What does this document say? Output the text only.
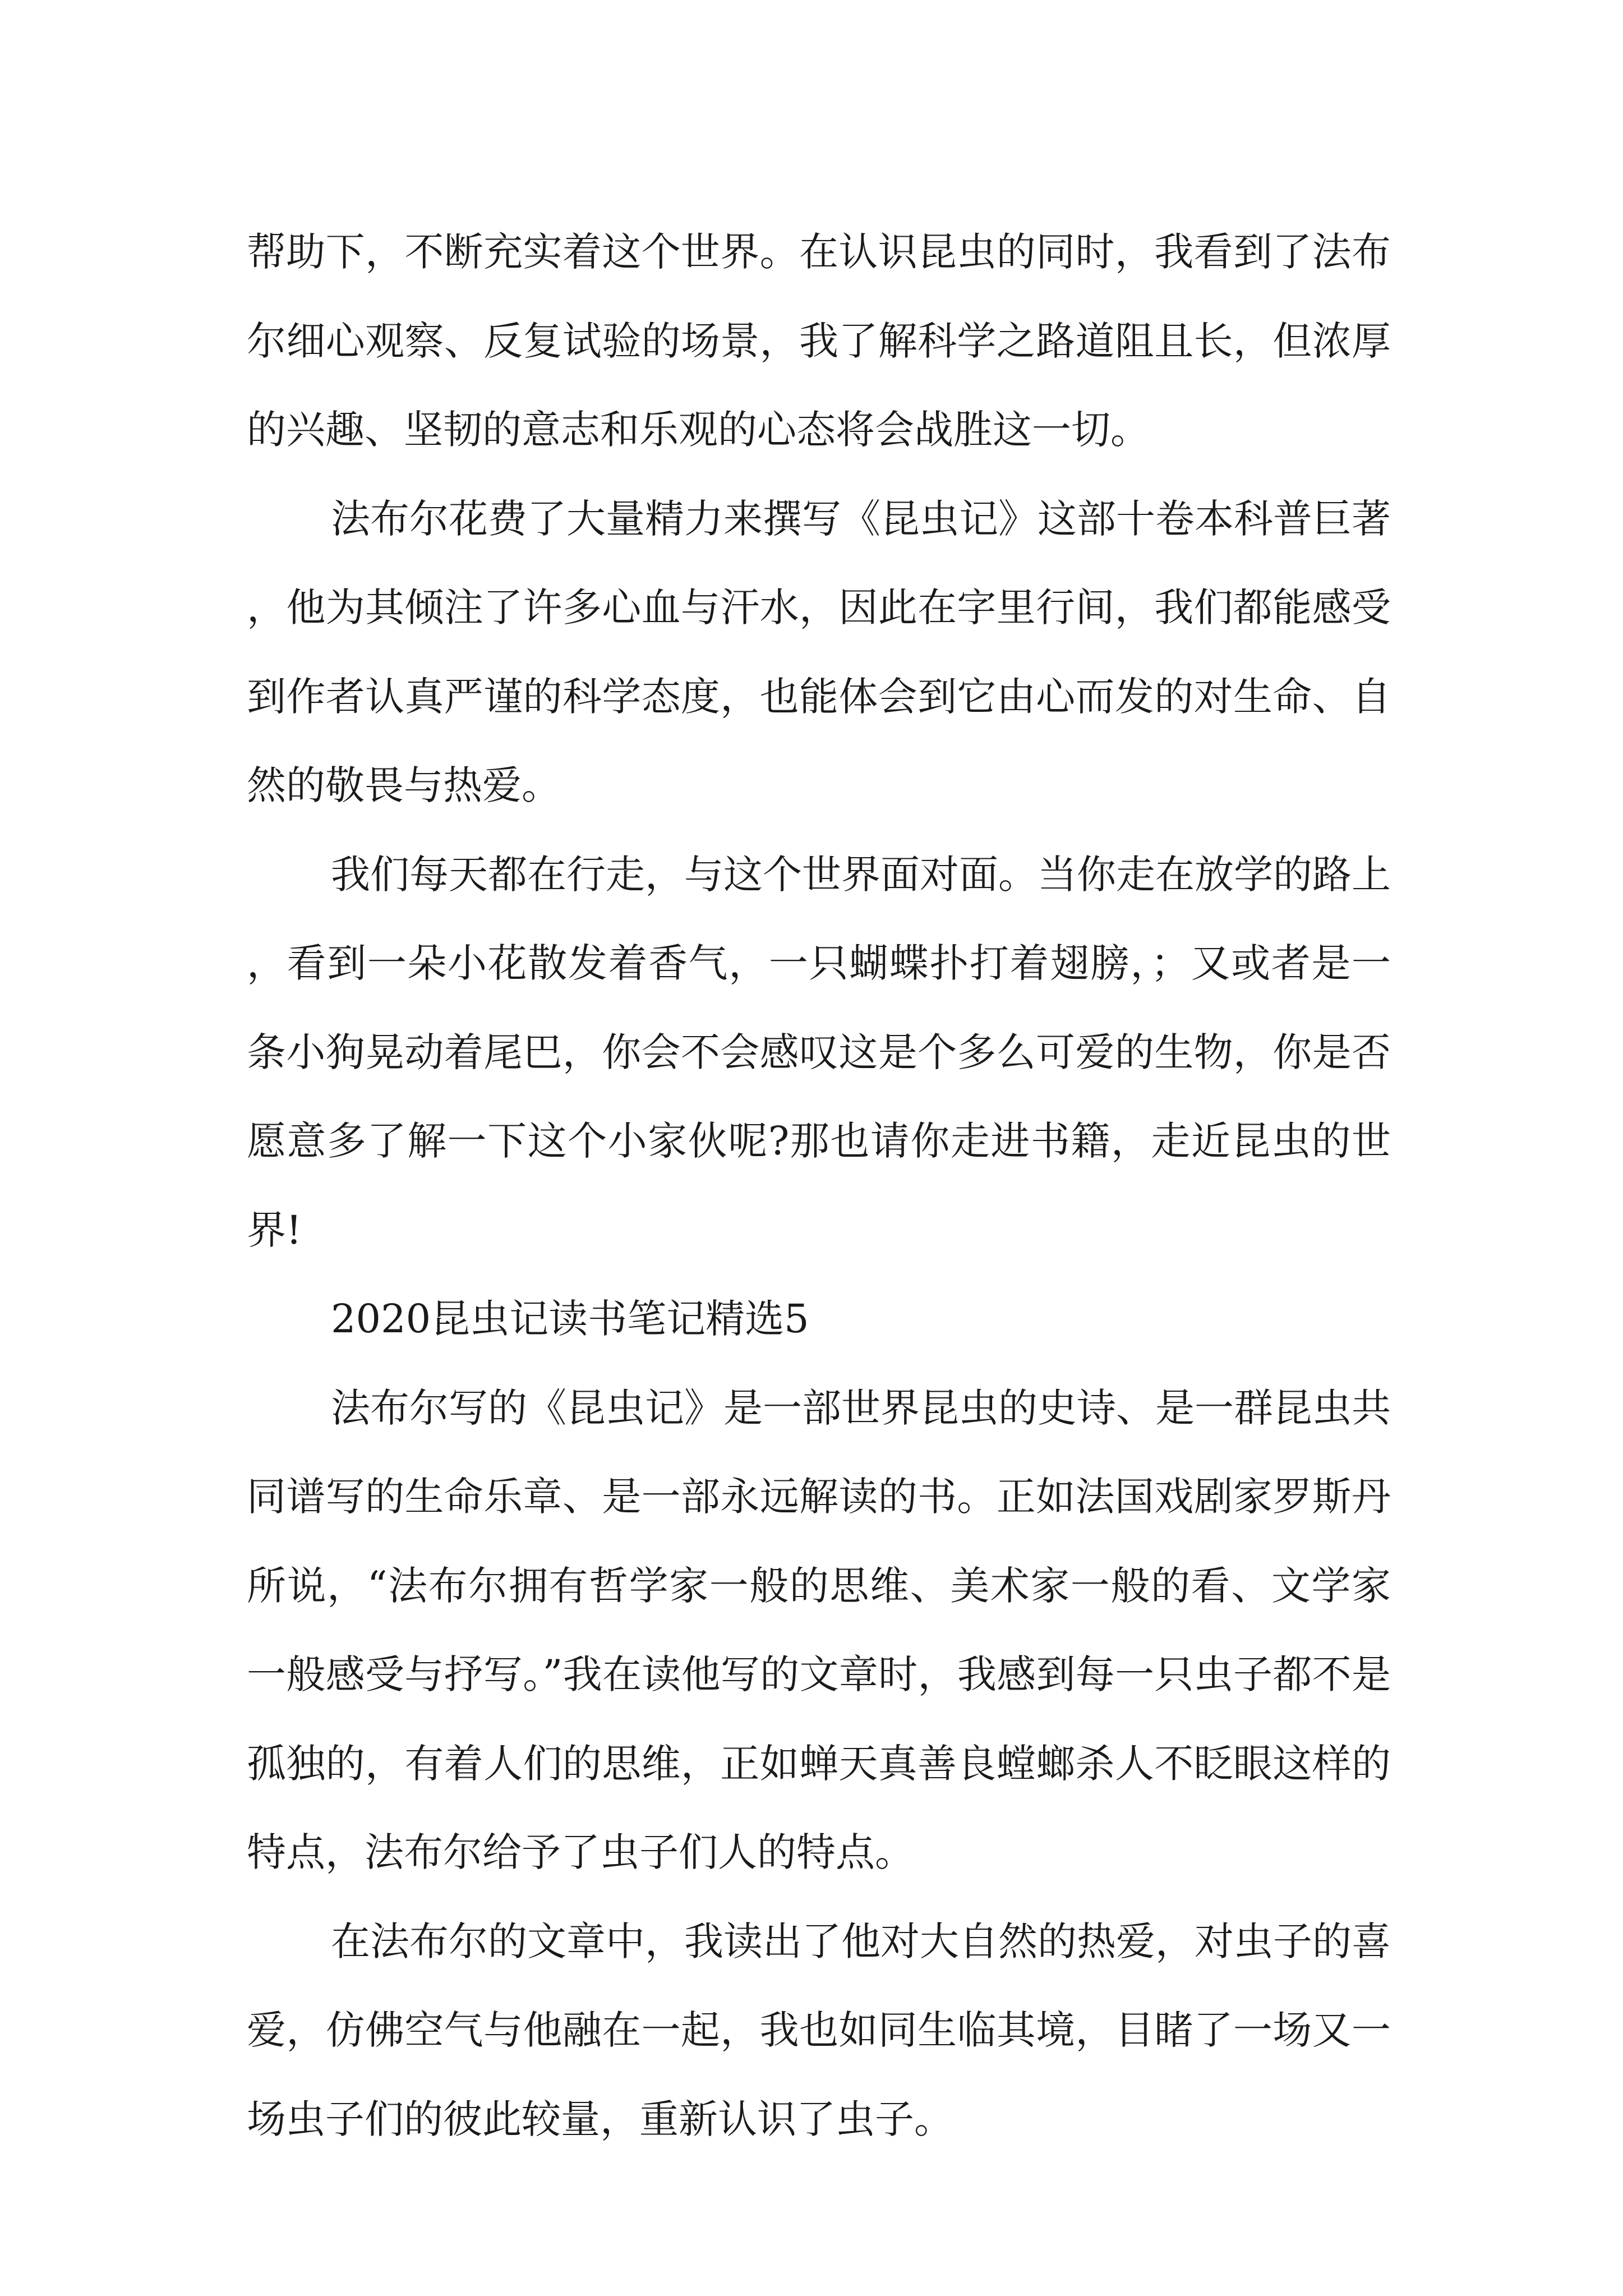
帮助下，不断充实着这个世界。在认识昆虫的同时，我看到了法布尔细心观察、反复试验的场景，我了解科学之路道阻且长，但浓厚的兴趣、坚韧的意志和乐观的心态将会战胜这一切。

法布尔花费了大量精力来撰写《昆虫记》这部十卷本科普巨著，他为其倾注了许多心血与汗水，因此在字里行间，我们都能感受到作者认真严谨的科学态度，也能体会到它由心而发的对生命、自然的敬畏与热爱。

我们每天都在行走，与这个世界面对面。当你走在放学的路上，看到一朵小花散发着香气，一只蝴蝶扑打着翅膀，；又或者是一条小狗晃动着尾巴，你会不会感叹这是个多么可爱的生物，你是否愿意多了解一下这个小家伙呢?那也请你走进书籍，走近昆虫的世界!

2020昆虫记读书笔记精选5

法布尔写的《昆虫记》是一部世界昆虫的史诗、是一群昆虫共同谱写的生命乐章、是一部永远解读的书。正如法国戏剧家罗斯丹所说，“法布尔拥有哲学家一般的思维、美术家一般的看、文学家一般感受与抒写。”我在读他写的文章时，我感到每一只虫子都不是孤独的，有着人们的思维，正如蝉天真善良螳螂杀人不眨眼这样的特点，法布尔给予了虫子们人的特点。

在法布尔的文章中，我读出了他对大自然的热爱，对虫子的喜爱，仿佛空气与他融在一起，我也如同生临其境，目睹了一场又一场虫子们的彼此较量，重新认识了虫子。
